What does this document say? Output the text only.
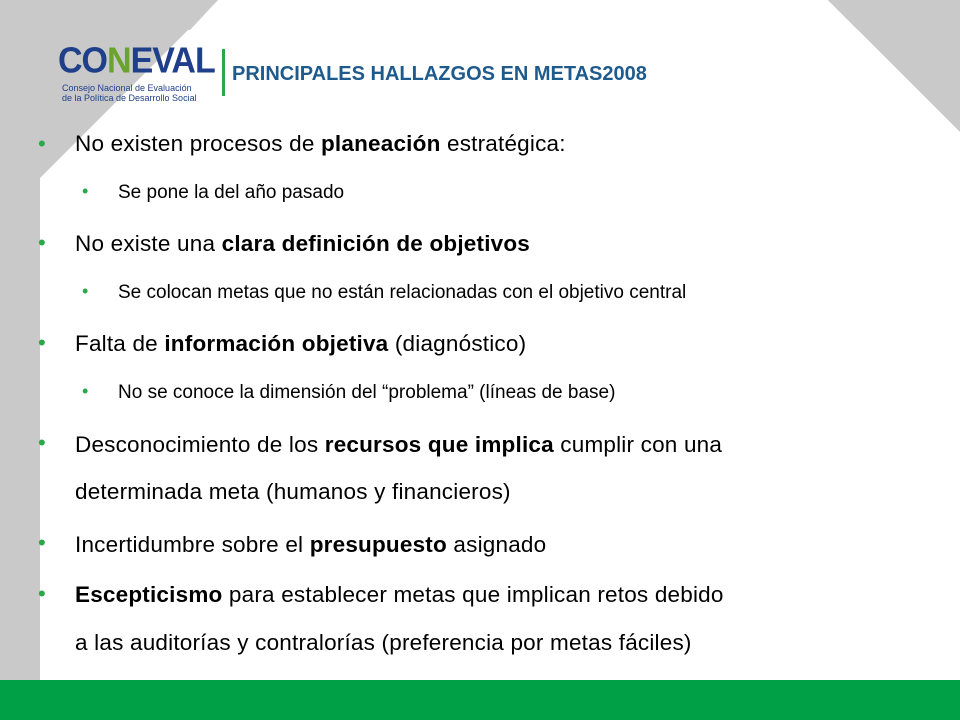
CONEVAL
Consejo Nacional de Evaluación
de la Política de Desarrollo Social
PRINCIPALES HALLAZGOS EN METAS2008
• No existen procesos de planeación estratégica:
• Se pone la del año pasado
• No existe una clara definición de objetivos
• Se colocan metas que no están relacionadas con el objetivo central
• Falta de información objetiva (diagnóstico)
• No se conoce la dimensión del “problema” (líneas de base)
• Desconocimiento de los recursos que implica cumplir con una
determinada meta (humanos y financieros)
• Incertidumbre sobre el presupuesto asignado
• Escepticismo para establecer metas que implican retos debido
a las auditorías y contralorías (preferencia por metas fáciles)
